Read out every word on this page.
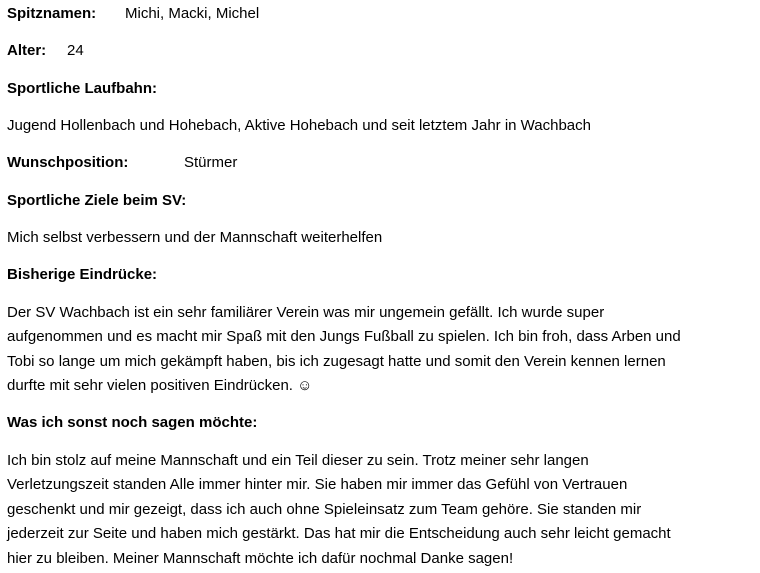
Spitznamen: Michi, Macki, Michel
Alter: 24
Sportliche Laufbahn:
Jugend Hollenbach und Hohebach, Aktive Hohebach und seit letztem Jahr in Wachbach
Wunschposition:	Stürmer
Sportliche Ziele beim SV:
Mich selbst verbessern und der Mannschaft weiterhelfen
Bisherige Eindrücke:
Der SV Wachbach ist ein sehr familiärer Verein was mir ungemein gefällt. Ich wurde super
aufgenommen und es macht mir Spaß mit den Jungs Fußball zu spielen. Ich bin froh, dass Arben und
Tobi so lange um mich gekämpft haben, bis ich zugesagt hatte und somit den Verein kennen lernen
durfte mit sehr vielen positiven Eindrücken. ☺
Was ich sonst noch sagen möchte:
Ich bin stolz auf meine Mannschaft und ein Teil dieser zu sein. Trotz meiner sehr langen
Verletzungszeit standen Alle immer hinter mir. Sie haben mir immer das Gefühl von Vertrauen
geschenkt und mir gezeigt, dass ich auch ohne Spieleinsatz zum Team gehöre. Sie standen mir
jederzeit zur Seite und haben mich gestärkt. Das hat mir die Entscheidung auch sehr leicht gemacht
hier zu bleiben. Meiner Mannschaft möchte ich dafür nochmal Danke sagen!
